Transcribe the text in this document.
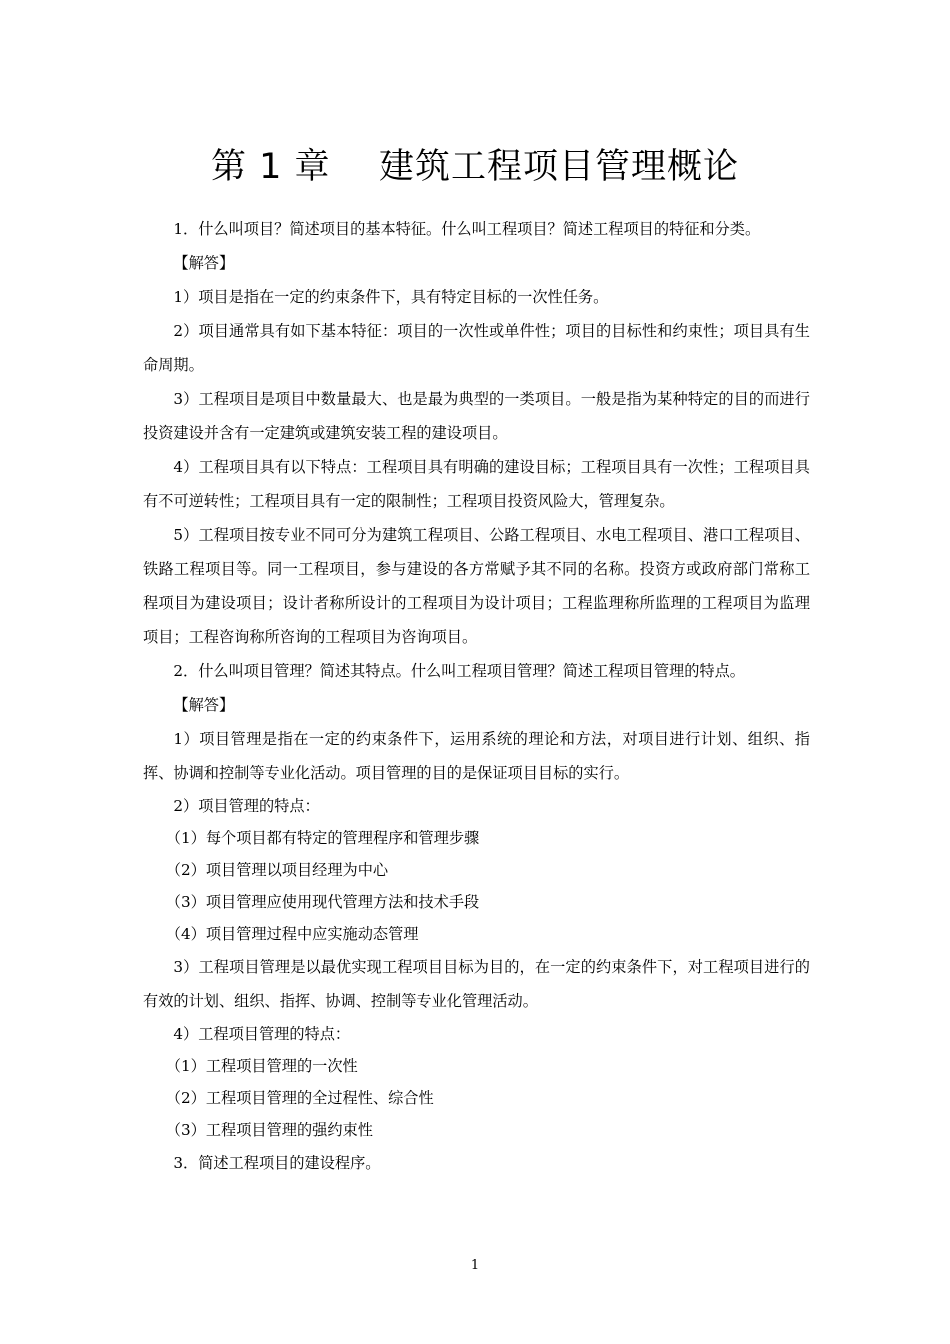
第 1 章    建筑工程项目管理概论

1．什么叫项目？简述项目的基本特征。什么叫工程项目？简述工程项目的特征和分类。

【解答】

1）项目是指在一定的约束条件下，具有特定目标的一次性任务。

2）项目通常具有如下基本特征：项目的一次性或单件性；项目的目标性和约束性；项目具有生命周期。

3）工程项目是项目中数量最大、也是最为典型的一类项目。一般是指为某种特定的目的而进行投资建设并含有一定建筑或建筑安装工程的建设项目。

4）工程项目具有以下特点：工程项目具有明确的建设目标；工程项目具有一次性；工程项目具有不可逆转性；工程项目具有一定的限制性；工程项目投资风险大，管理复杂。

5）工程项目按专业不同可分为建筑工程项目、公路工程项目、水电工程项目、港口工程项目、铁路工程项目等。同一工程项目，参与建设的各方常赋予其不同的名称。投资方或政府部门常称工程项目为建设项目；设计者称所设计的工程项目为设计项目；工程监理称所监理的工程项目为监理项目；工程咨询称所咨询的工程项目为咨询项目。

2．什么叫项目管理？简述其特点。什么叫工程项目管理？简述工程项目管理的特点。

【解答】

1）项目管理是指在一定的约束条件下，运用系统的理论和方法，对项目进行计划、组织、指挥、协调和控制等专业化活动。项目管理的目的是保证项目目标的实行。

2）项目管理的特点：

（1）每个项目都有特定的管理程序和管理步骤

（2）项目管理以项目经理为中心

（3）项目管理应使用现代管理方法和技术手段

（4）项目管理过程中应实施动态管理

3）工程项目管理是以最优实现工程项目目标为目的，在一定的约束条件下，对工程项目进行的有效的计划、组织、指挥、协调、控制等专业化管理活动。

4）工程项目管理的特点：

（1）工程项目管理的一次性

（2）工程项目管理的全过程性、综合性

（3）工程项目管理的强约束性

3．简述工程项目的建设程序。

1
